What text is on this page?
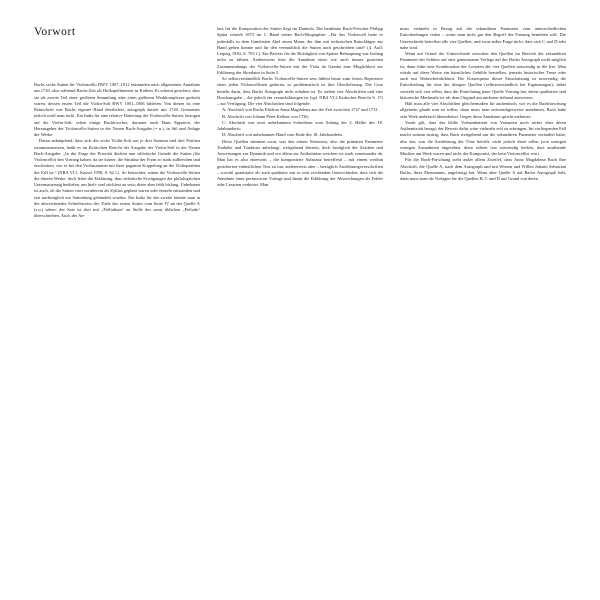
Vorwort

Bachs sechs Suiten für Violoncello BWV 1007–1012 entstanden nach allgemeiner Annahme um 1720, also während Bachs Zeit als Hofkapellmeister in Köthen. Es scheint gesichert, dass sie als zweite Teil einer größeren Sammlung oder eines größeren Werkkomplexes gedacht waren, dessen ersten Teil die Violin-Soli BWV 1001–1006 bildeten. Von diesen ist eine Reinschrift von Bachs eigener Hand überliefert, autograph datiert mit 1720. Genaueres jedoch weiß man nicht. Ein Indiz für eine relative Datierung der Violoncello-Suiten, bezogen auf die Violin-Soli, sehen einige Bachforscher, darunter auch Hans Eppstein, der Herausgeber der Violoncello-Suiten in der Neuen Bach-Ausgabe (= n.), in Stil und Anlage der Werke.

Daran anknüpfend, dass sich die sechs Violin-Soli aus je drei Sonaten und drei Partiten zusammensetzen, heißt es im Kritischen Bericht der Ausgabe der Violin-Soli in der Neuen Bach-Ausgabe: „In der Frage der Priorität dürften nun stilistische Gründe die Suiten (für Violoncello) den Vorrang haben, da sie kürzer, die Struktur der Form so stark aufbrechen und erschüttern, wie es bei den Violinsonaten mit ihrer paganini Koppelung an die Violinpartiten der Fall ist.“ (NBA VI,1, Kassel 1958, S. 62 f.). So betrachtet, wären die Violoncello-Suiten die älteren Werke, doch leitet die Erklärung, dass stilistische Erwägungen der philologischen Untermauerung bedürfen, um hieb- und stichfest zu sein; diese aber fehlt bislang. Unbekannt ist auch, ob die Suiten vom vornherein als Zyklus geplant waren oder einzeln entstanden und erst nachträglich zur Sammlung gebündelt wurden. Ein Indiz für das zweite könnte man in der abweichenden Schreibweise des Titels des ersten Suites vom Suite IV an der Quelle A (s.u.) sehen: der Satz ist dort mit „Prélüdium“ an Stelle des sonst üblichen „Prélude“ überschrieben. Auch der An-

lass für die Komposition der Suiten liegt im Dunkeln. Der berühmte Bach-Forscher Philipp Spitta schrieb 1873 im 1. Band seiner Bach-Biographie: „Für das Violoncell hatte er jedenfalls in dem Gambisten Abel einen Mann, der ihm mit technischen Ratschlägen zur Hand gehen konnte und für den vermuthlich die Suiten auch geschrieben sind“ (4. Aufl. Leipzig 1930, S. 703 f.). Ein Beweis für die Richtigkeit von Spittas Behauptung war bislang nicht zu führen. Andererseits hüte die Annahme eines wie auch immer gearteten Zusammenhangs der Violoncello-Suiten mit der Viola da Gamba eine Möglichkeit zur Erklärung der Skordatur in Suite 5.

So selbstverständlich Bachs Violoncello-Suiten sein fühlen heute zum festen Repertoire eines jeden Violoncellisten gehören, so problematisch ist ihre Überlieferung. Die Crux besteht darin, dass Bachs Autograph nicht erhalten ist. Es stehen vier Abschriften und eine Druckausgabe – die jedoch ein verzachtlässigen ist (vgl. NBA VI,2 Kritischer Bericht S. 17) – zur Verfügung. Die vier Abschriften sind folgende:

A: Abschrift von Bachs Ehefrau Anna Magdalena aus der Zeit zwischen 1727 und 1731.

B: Abschrift von Johann Peter Kellner von 1726;

C: Abschrift von zwei unbekannten Schreibern vom Anfang der 2. Hälfte des 18. Jahrhunderts;

D: Abschrift von unbekannter Hand vom Ende des 18. Jahrhunderts.

Diese Quellen stimmen zwar, was den reinen Notentext, also die primären Parameter Tonhöhe und Tondauer anbelangt, weitgehend überein, doch bezüglich der Zeichen und Anweisungen zur Dynamik und vor allem zur Artikulation weichen sie stark voneinander ab. Man hat es also einerseits – die komponierte Substanz betreffend – mit einem weithin gesicherten einheitlichen Text zu tun, andererseits aber – bezüglich Ausführungsvorschriften – sowohl quantitativ als auch qualitativ mit so weit reichenden Unterschieden, dass sich die Annahme einer permissiven Vorlage und damit die Erklärung der Abweichungen als Fehler oder Lesarten verbietet. Man

muss vielmehr in Bezug auf die sekundären Parameter vom unterschiedlichen Entscheidungen reden – wenn man nicht gar den Begriff der Fassung bemühen will. Die Unterschiede betreffen alle vier Quellen, und zwar außer Frage nicht, dass sich C und D sehr nahe sind.

Wenn auf Grund der Unterschiede zwischen den Quellen im Bereich der sekundären Parameter der Schluss auf eine gemeinsame Vorlage auf der Bachs Autograph nicht möglich ist, dann führt eine Kombination der Lesarten der vier Quellen notwendig in die Irre. Man würde auf diese Weise ein künstliches Gebilde herstellen, jenseits historischer Treue oder auch nur Wahrscheinlichkeit. Die Konsequenz dieser Einschätzung ist notwendig die Entscheidung für eine der übrigen Quellen (selbstverständlich bei Ergänzungen); dabei versteht sich von selbst, dass die Einrichtung jener Quelle Vorrang hat, deren qualitative und historische Merkmale sie als dem Original am nächsten stehend ausweisen.

Hält man alle vier Abschriften gleichermaßen für authentisch, wie es die Bachforschung allgemein glaubt nun zu sollen, dann muss man notwendigerweise annehmen, Bach habe sein Werk mehrfach überarbeitet. Gegen diese Annahme spricht mehreres.

Vorab gilt, dass das bloße Vorhandensein von Varianten noch nichts über deren Authentizität besagt; der Beweis dafür wäre vielmehr erst zu erbringen. Im vorliegenden Fall macht sodann stutzig, dass Bach weitgehend nur die sekundären Parameter verändert hätte, also das, was die Ausführung der Töne betrifft, nicht jedoch diese selbst (von wenigen wenigen Ausnahmen abgesehen, diese rühren fast notwendig heißen, dass ausübende Musiker am Werk waren und nicht der Komponist, der kein Violoncellist war).

Für die Bach-Forschung steht außer allem Zweifel, dass Anna Magdalena Bach ihre Abschrift, die Quelle A, nach dem Autograph und mit Wissen und Willen Johann Sebastian Bachs, ihres Ehemannes, angefertigt hat. Wenn aber Quelle A auf Bachs Autograph fußt, dann muss man als Vorlagen für die Quellen B, C und D auf Grund von deren
